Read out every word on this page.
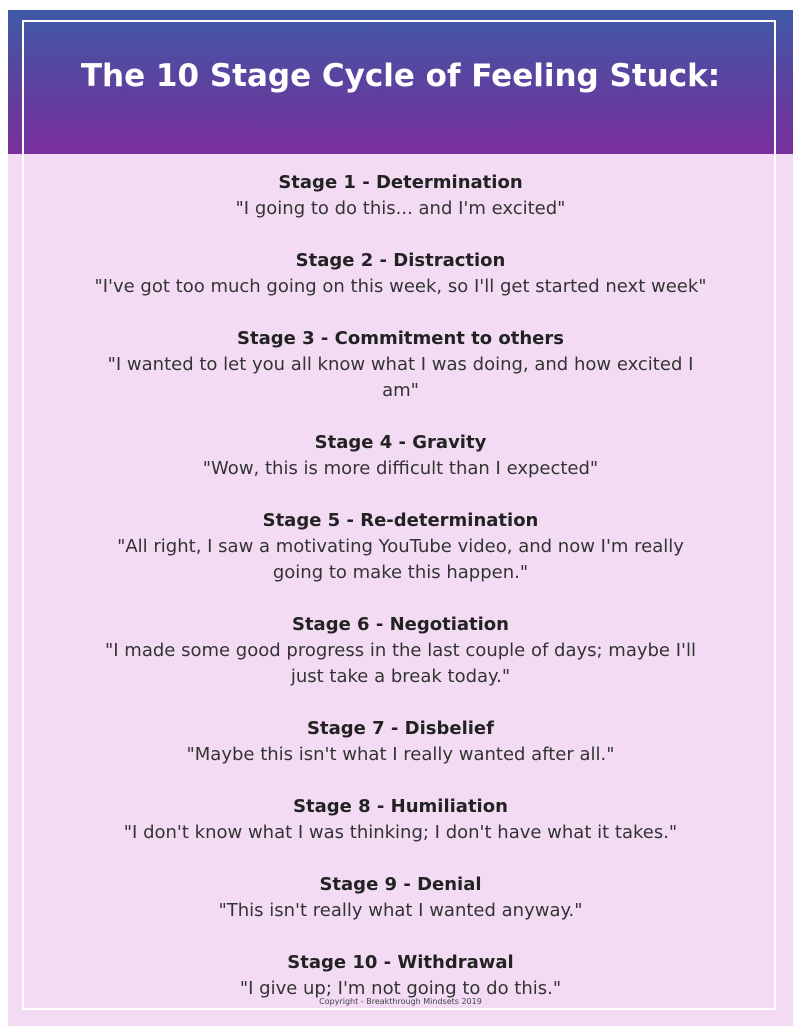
The 10 Stage Cycle of Feeling Stuck:
Stage 1 - Determination
"I going to do this... and I'm excited"
Stage 2 - Distraction
"I've got too much going on this week, so I'll get started next week"
Stage 3 - Commitment to others
"I wanted to let you all know what I was doing, and how excited I am"
Stage 4 - Gravity
"Wow, this is more difficult than I expected"
Stage 5 - Re-determination
"All right, I saw a motivating YouTube video, and now I'm really going to make this happen."
Stage 6 - Negotiation
"I made some good progress in the last couple of days; maybe I'll just take a break today."
Stage 7 - Disbelief
"Maybe this isn't what I really wanted after all."
Stage 8 - Humiliation
"I don't know what I was thinking; I don't have what it takes."
Stage 9 - Denial
"This isn't really what I wanted anyway."
Stage 10 - Withdrawal
"I give up; I'm not going to do this."
Copyright - Breakthrough Mindsets 2019
